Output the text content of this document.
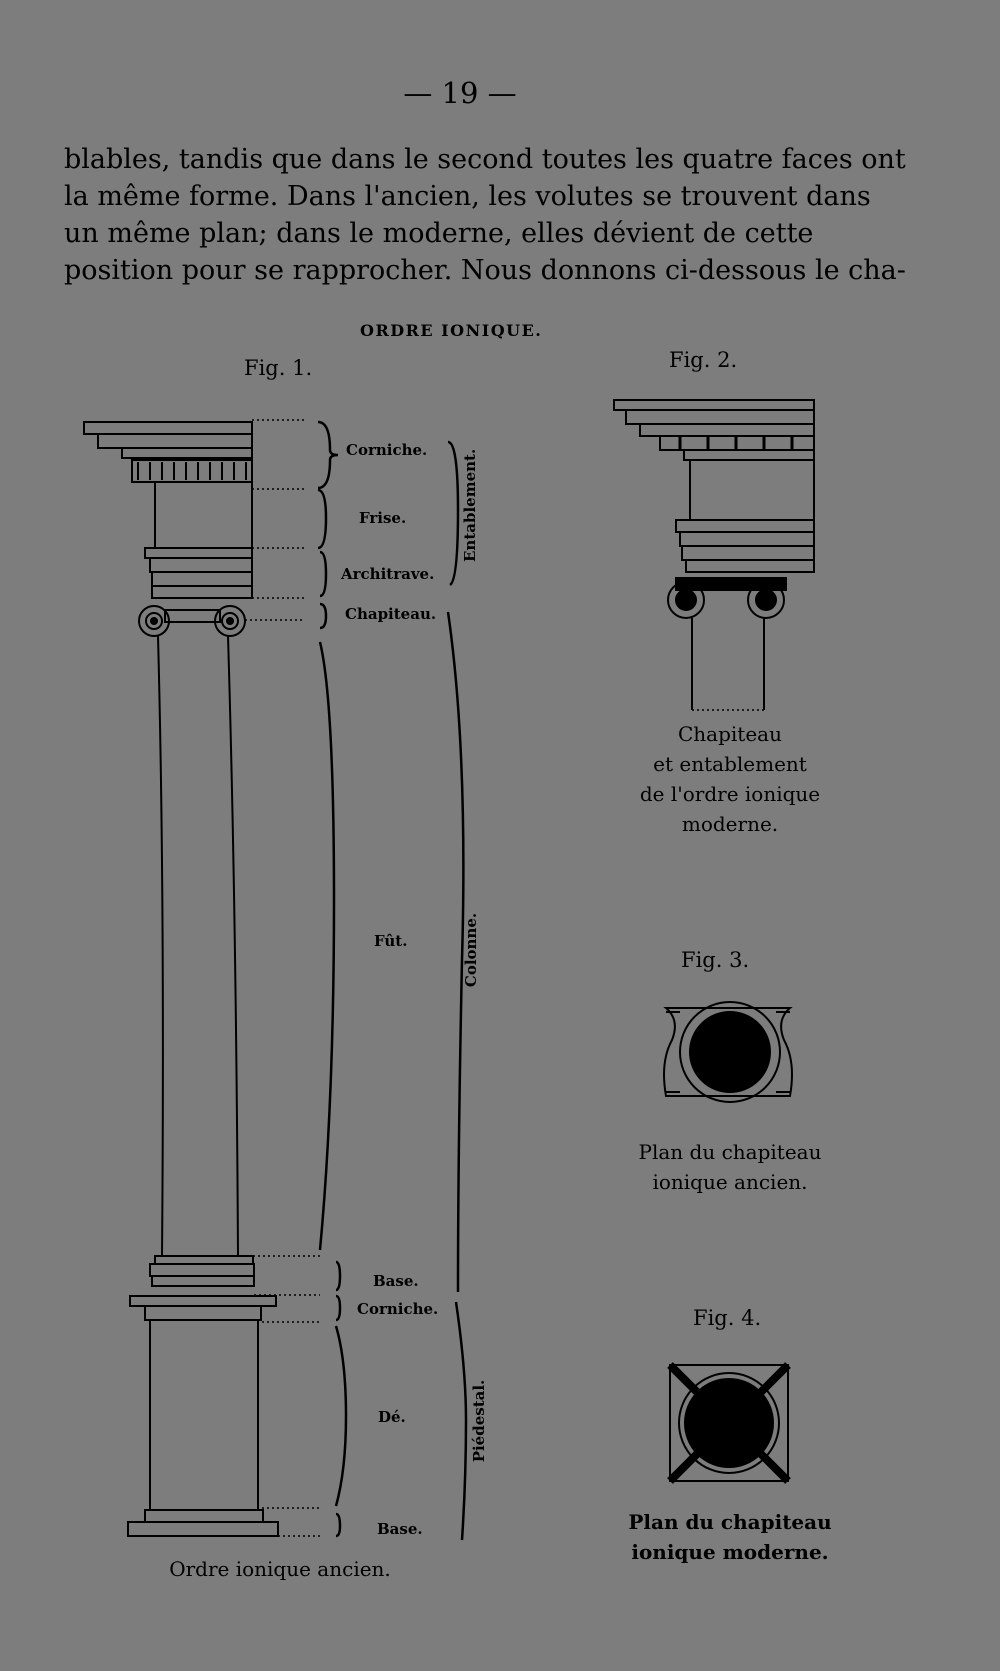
— 19 —
blables, tandis que dans le second toutes les quatre faces ont
la même forme. Dans l'ancien, les volutes se trouvent dans
un même plan; dans le moderne, elles dévient de cette
position pour se rapprocher. Nous donnons ci-dessous le cha-
ORDRE IONIQUE.
Fig. 1.	Fig. 2.
Fig. 3.
Fig. 4.
Corniche.
Frise.
Architrave.
Chapiteau.
Fût.
Base.
Corniche.
Dé.
Base.
Entablement.
Colonne.
Piédestal.
Ordre ionique ancien.
Chapiteau
et entablement
de l'ordre ionique
moderne.
Plan du chapiteau
ionique ancien.
Plan du chapiteau
ionique moderne.
